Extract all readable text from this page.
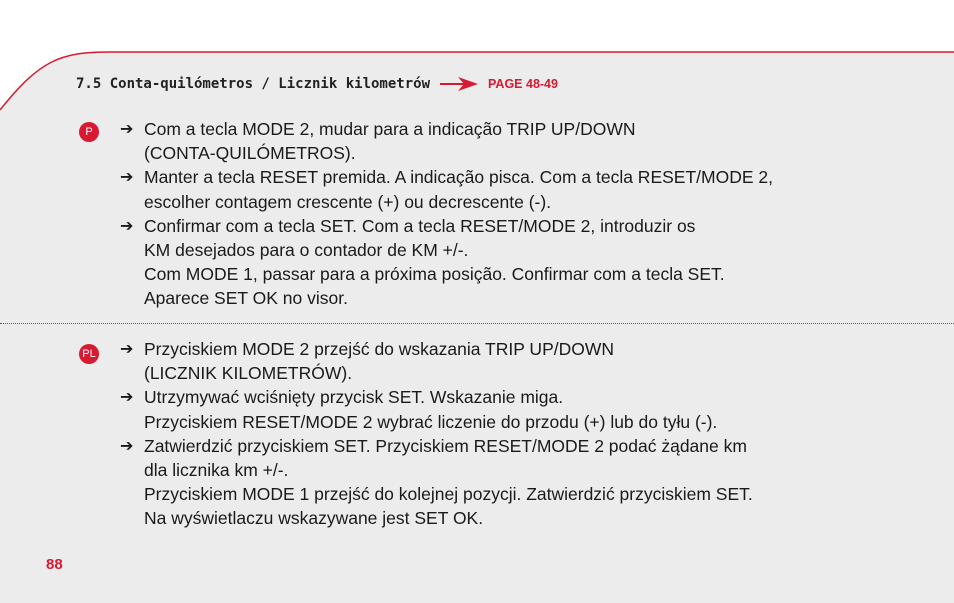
7.5 Conta-quilómetros / Licznik kilometrów	PAGE 48-49
P	➔ Com a tecla MODE 2, mudar para a indicação TRIP UP/DOWN
(CONTA-QUILÓMETROS).
➔ Manter a tecla RESET premida. A indicação pisca. Com a tecla RESET/MODE 2,
escolher contagem crescente (+) ou decrescente (-).
➔ Confirmar com a tecla SET. Com a tecla RESET/MODE 2, introduzir os
KM desejados para o contador de KM +/-.
Com MODE 1, passar para a próxima posição. Confirmar com a tecla SET.
Aparece SET OK no visor.
PL ➔ Przyciskiem MODE 2 przejść do wskazania TRIP UP/DOWN
(LICZNIK KILOMETRÓW).
➔ Utrzymywać wciśnięty przycisk SET. Wskazanie miga.
Przyciskiem RESET/MODE 2 wybrać liczenie do przodu (+) lub do tyłu (-).
➔ Zatwierdzić przyciskiem SET. Przyciskiem RESET/MODE 2 podać żądane km
dla licznika km +/-.
Przyciskiem MODE 1 przejść do kolejnej pozycji. Zatwierdzić przyciskiem SET.
Na wyświetlaczu wskazywane jest SET OK.
88
